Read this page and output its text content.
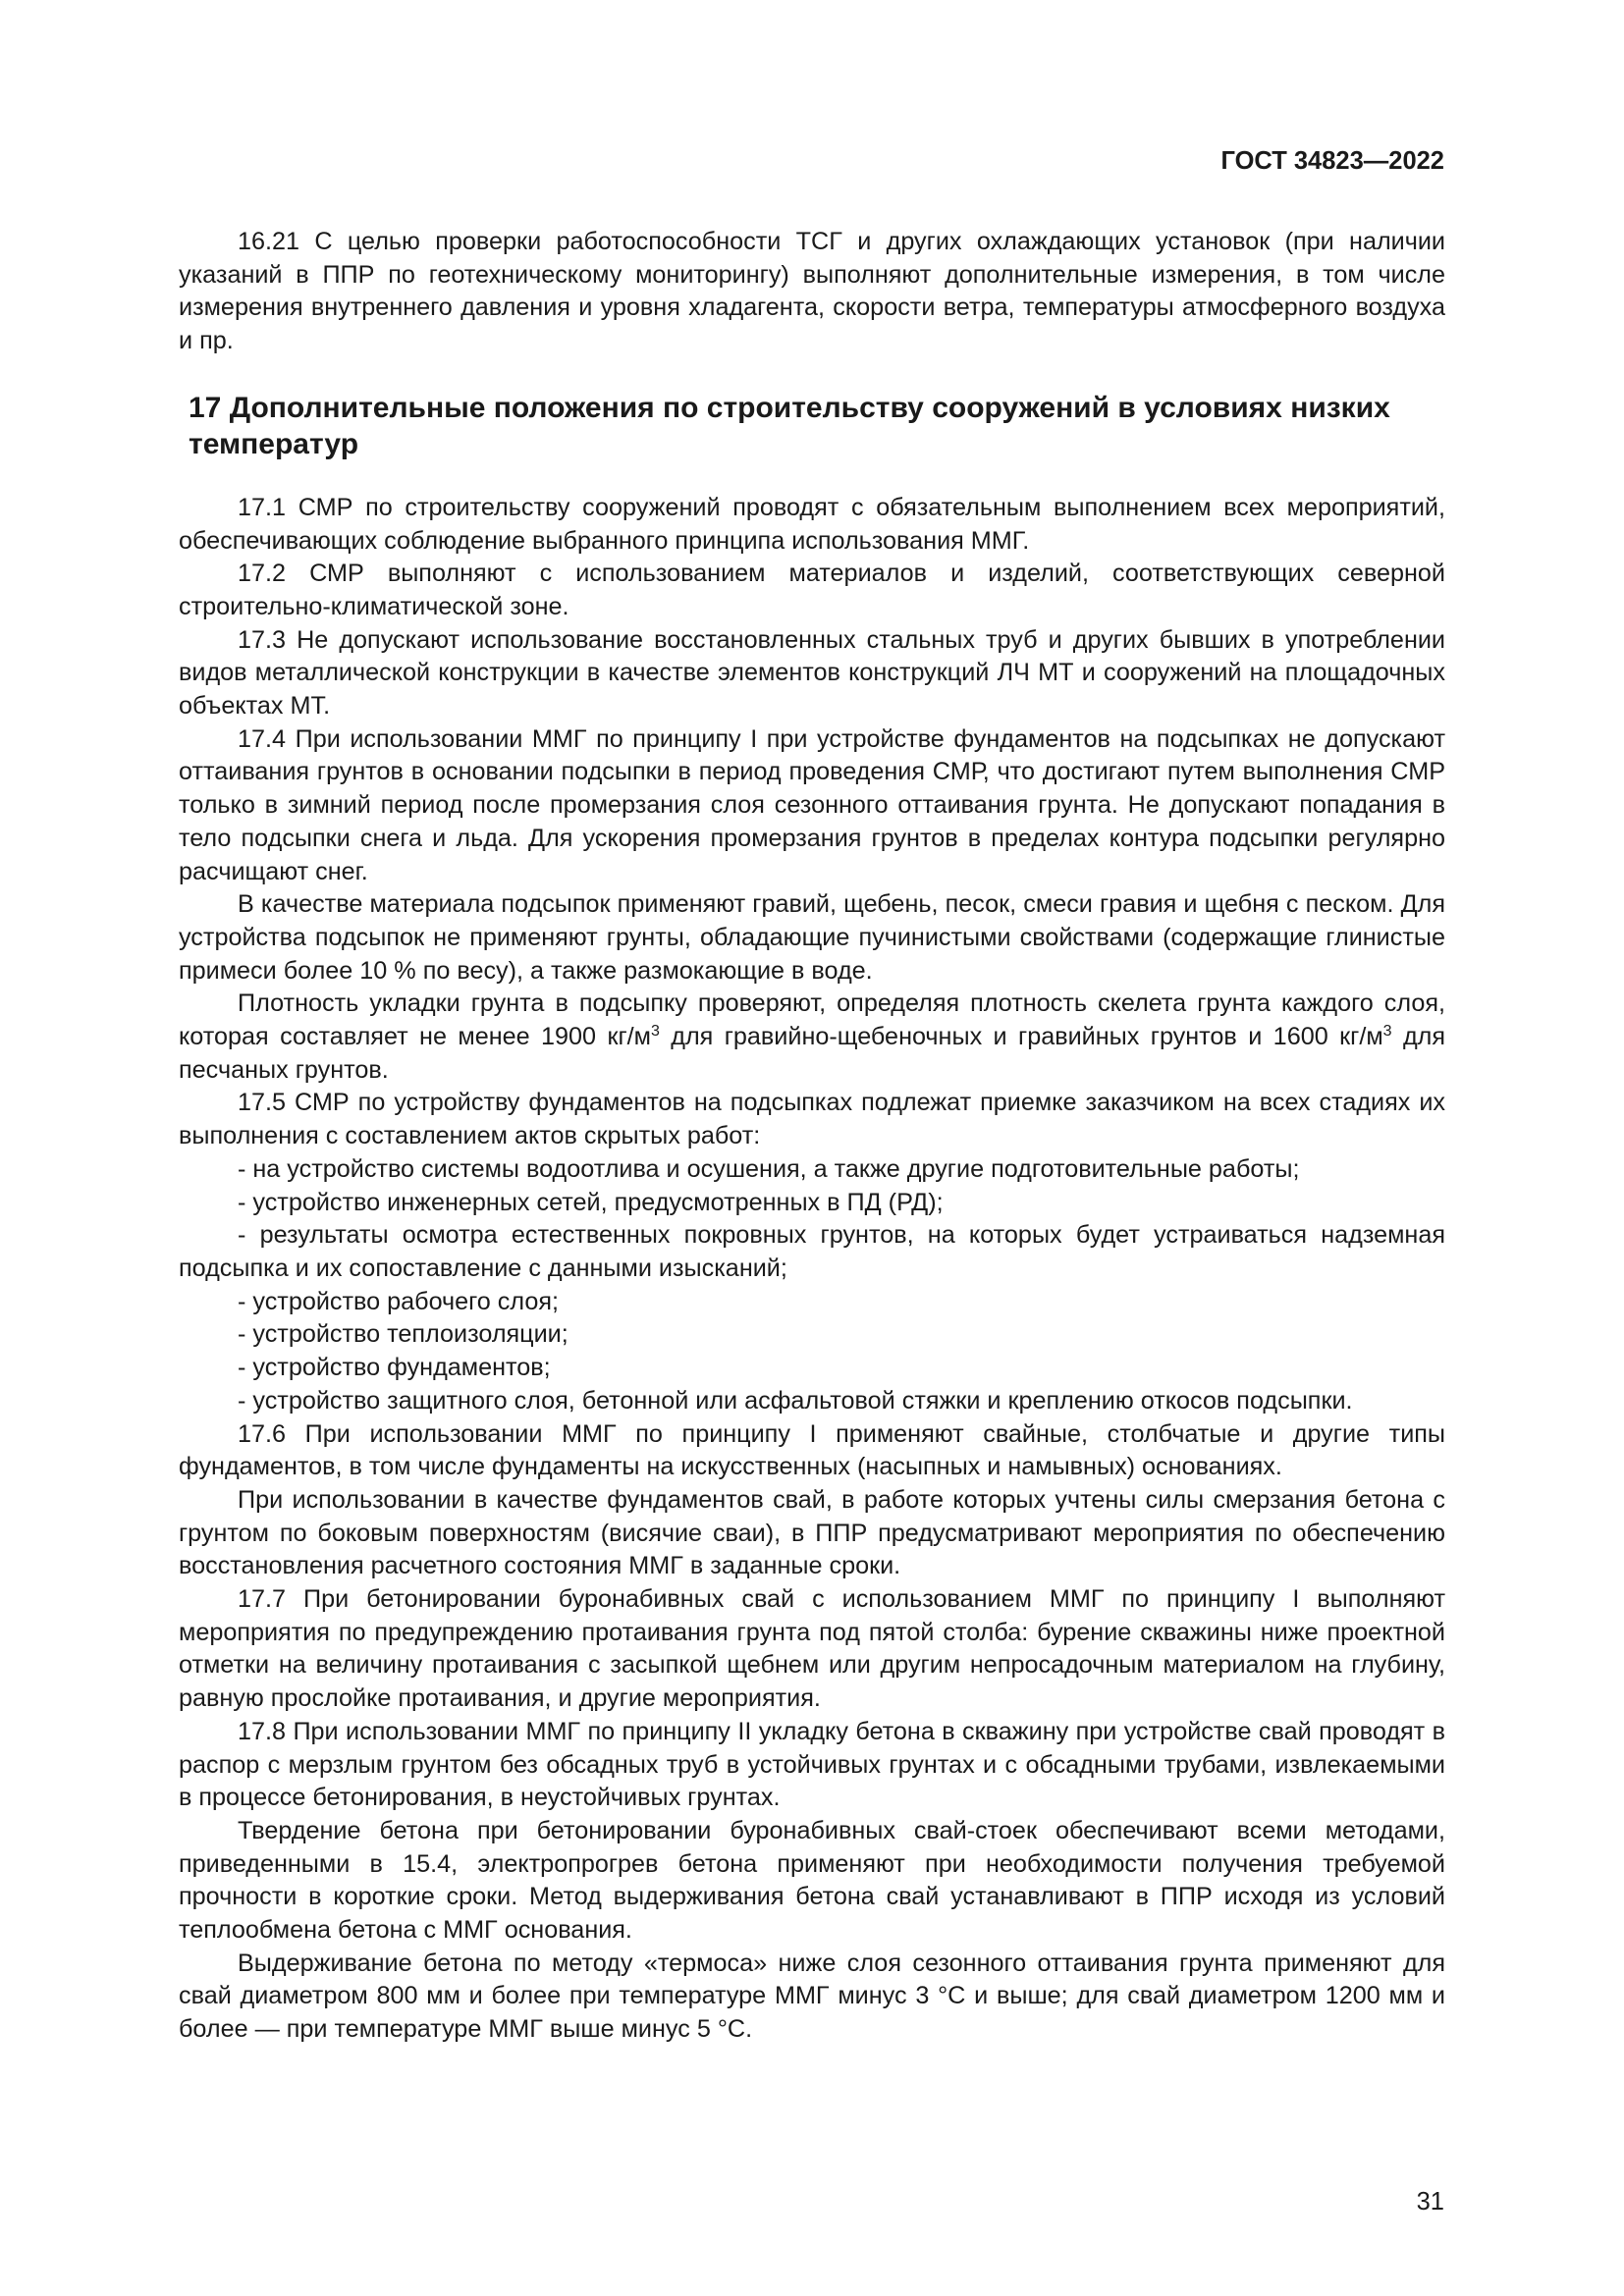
ГОСТ 34823—2022

16.21 С целью проверки работоспособности ТСГ и других охлаждающих установок (при наличии указаний в ППР по геотехническому мониторингу) выполняют дополнительные измерения, в том числе измерения внутреннего давления и уровня хладагента, скорости ветра, температуры атмосферного воздуха и пр.

17 Дополнительные положения по строительству сооружений в условиях низких температур

17.1 СМР по строительству сооружений проводят с обязательным выполнением всех мероприятий, обеспечивающих соблюдение выбранного принципа использования ММГ.

17.2 СМР выполняют с использованием материалов и изделий, соответствующих северной строительно-климатической зоне.

17.3 Не допускают использование восстановленных стальных труб и других бывших в употреблении видов металлической конструкции в качестве элементов конструкций ЛЧ МТ и сооружений на площадочных объектах МТ.

17.4 При использовании ММГ по принципу I при устройстве фундаментов на подсыпках не допускают оттаивания грунтов в основании подсыпки в период проведения СМР, что достигают путем выполнения СМР только в зимний период после промерзания слоя сезонного оттаивания грунта. Не допускают попадания в тело подсыпки снега и льда. Для ускорения промерзания грунтов в пределах контура подсыпки регулярно расчищают снег.

В качестве материала подсыпок применяют гравий, щебень, песок, смеси гравия и щебня с песком. Для устройства подсыпок не применяют грунты, обладающие пучинистыми свойствами (содержащие глинистые примеси более 10 % по весу), а также размокающие в воде.

Плотность укладки грунта в подсыпку проверяют, определяя плотность скелета грунта каждого слоя, которая составляет не менее 1900 $кг/м^3$ для гравийно-щебеночных и гравийных грунтов и 1600 $кг/м^3$ для песчаных грунтов.

17.5 СМР по устройству фундаментов на подсыпках подлежат приемке заказчиком на всех стадиях их выполнения с составлением актов скрытых работ:

- на устройство системы водоотлива и осушения, а также другие подготовительные работы;

- устройство инженерных сетей, предусмотренных в ПД (РД);

- результаты осмотра естественных покровных грунтов, на которых будет устраиваться надземная подсыпка и их сопоставление с данными изысканий;

- устройство рабочего слоя;

- устройство теплоизоляции;

- устройство фундаментов;

- устройство защитного слоя, бетонной или асфальтовой стяжки и креплению откосов подсыпки.

17.6 При использовании ММГ по принципу I применяют свайные, столбчатые и другие типы фундаментов, в том числе фундаменты на искусственных (насыпных и намывных) основаниях.

При использовании в качестве фундаментов свай, в работе которых учтены силы смерзания бетона с грунтом по боковым поверхностям (висячие сваи), в ППР предусматривают мероприятия по обеспечению восстановления расчетного состояния ММГ в заданные сроки.

17.7 При бетонировании буронабивных свай с использованием ММГ по принципу I выполняют мероприятия по предупреждению протаивания грунта под пятой столба: бурение скважины ниже проектной отметки на величину протаивания с засыпкой щебнем или другим непросадочным материалом на глубину, равную прослойке протаивания, и другие мероприятия.

17.8 При использовании ММГ по принципу II укладку бетона в скважину при устройстве свай проводят в распор с мерзлым грунтом без обсадных труб в устойчивых грунтах и с обсадными трубами, извлекаемыми в процессе бетонирования, в неустойчивых грунтах.

Твердение бетона при бетонировании буронабивных свай-стоек обеспечивают всеми методами, приведенными в 15.4, электропрогрев бетона применяют при необходимости получения требуемой прочности в короткие сроки. Метод выдерживания бетона свай устанавливают в ППР исходя из условий теплообмена бетона с ММГ основания.

Выдерживание бетона по методу «термоса» ниже слоя сезонного оттаивания грунта применяют для свай диаметром 800 мм и более при температуре ММГ минус 3 °С и выше; для свай диаметром 1200 мм и более — при температуре ММГ выше минус 5 °С.

31
